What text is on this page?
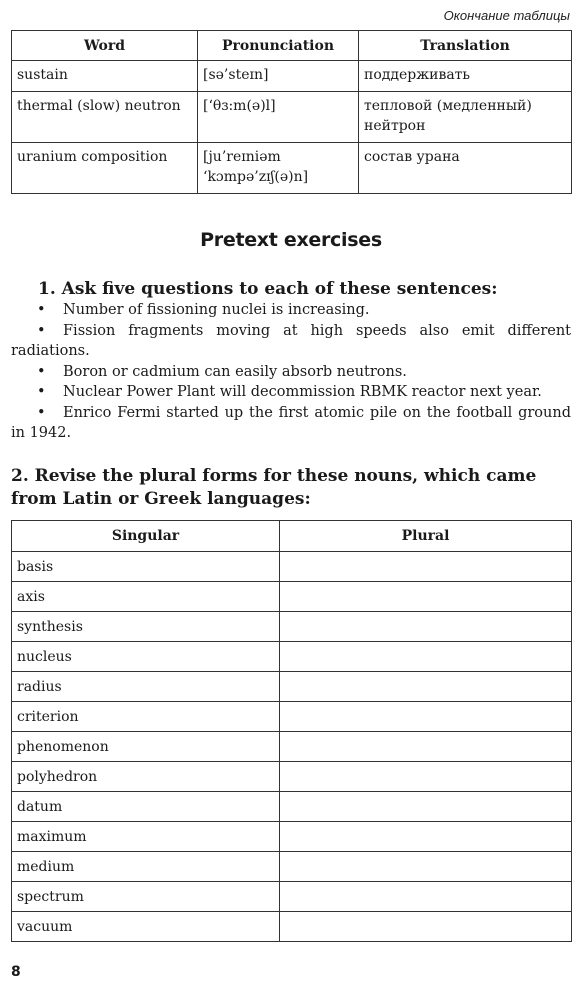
Окончание таблицы
Word	Pronunciation	Translation
sustain	[sə’steɪn]	поддерживать
thermal (slow) neutron	[‘θɜ:m(ə)l]	тепловой (медленный) нейтрон
uranium composition	[ju’reɪniəm ‘kɔmpə’zɪʃ(ə)n]	состав урана
Pretext exercises
1. Ask five questions to each of these sentences:

• Number of fissioning nuclei is increasing.

• Fission fragments moving at high speeds also emit different radiations.

• Boron or cadmium can easily absorb neutrons.

• Nuclear Power Plant will decommission RBMK reactor next year.

• Enrico Fermi started up the first atomic pile on the football ground in 1942.

2. Revise the plural forms for these nouns, which came from Latin or Greek languages:
Singular	Plural
basis	
axis	
synthesis	
nucleus	
radius	
criterion	
phenomenon	
polyhedron	
datum	
maximum	
medium	
spectrum	
vacuum	
8
